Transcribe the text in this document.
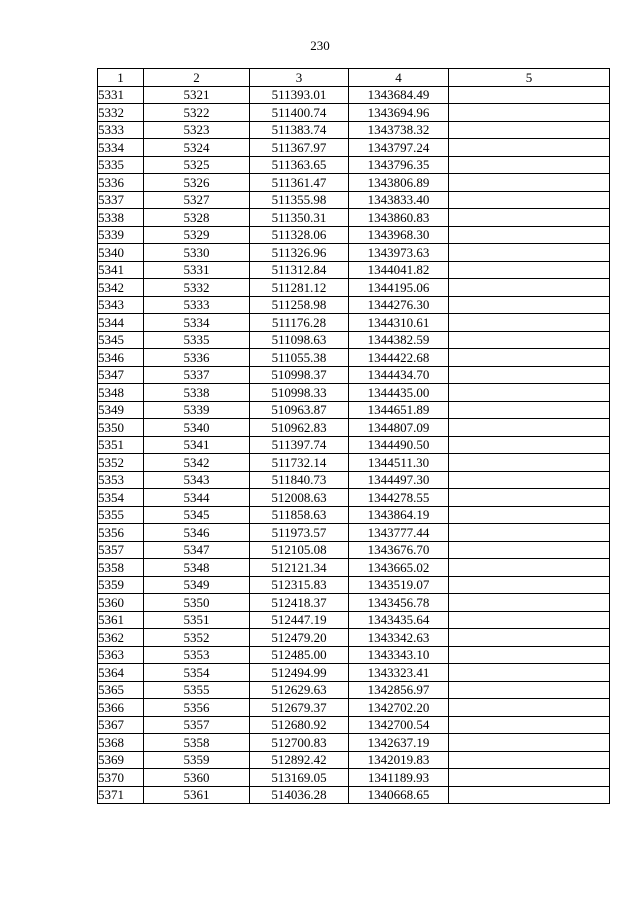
230
1	2	3	4	5
5331	5321	511393.01	1343684.49	
5332	5322	511400.74	1343694.96	
5333	5323	511383.74	1343738.32	
5334	5324	511367.97	1343797.24	
5335	5325	511363.65	1343796.35	
5336	5326	511361.47	1343806.89	
5337	5327	511355.98	1343833.40	
5338	5328	511350.31	1343860.83	
5339	5329	511328.06	1343968.30	
5340	5330	511326.96	1343973.63	
5341	5331	511312.84	1344041.82	
5342	5332	511281.12	1344195.06	
5343	5333	511258.98	1344276.30	
5344	5334	511176.28	1344310.61	
5345	5335	511098.63	1344382.59	
5346	5336	511055.38	1344422.68	
5347	5337	510998.37	1344434.70	
5348	5338	510998.33	1344435.00	
5349	5339	510963.87	1344651.89	
5350	5340	510962.83	1344807.09	
5351	5341	511397.74	1344490.50	
5352	5342	511732.14	1344511.30	
5353	5343	511840.73	1344497.30	
5354	5344	512008.63	1344278.55	
5355	5345	511858.63	1343864.19	
5356	5346	511973.57	1343777.44	
5357	5347	512105.08	1343676.70	
5358	5348	512121.34	1343665.02	
5359	5349	512315.83	1343519.07	
5360	5350	512418.37	1343456.78	
5361	5351	512447.19	1343435.64	
5362	5352	512479.20	1343342.63	
5363	5353	512485.00	1343343.10	
5364	5354	512494.99	1343323.41	
5365	5355	512629.63	1342856.97	
5366	5356	512679.37	1342702.20	
5367	5357	512680.92	1342700.54	
5368	5358	512700.83	1342637.19	
5369	5359	512892.42	1342019.83	
5370	5360	513169.05	1341189.93	
5371	5361	514036.28	1340668.65	
